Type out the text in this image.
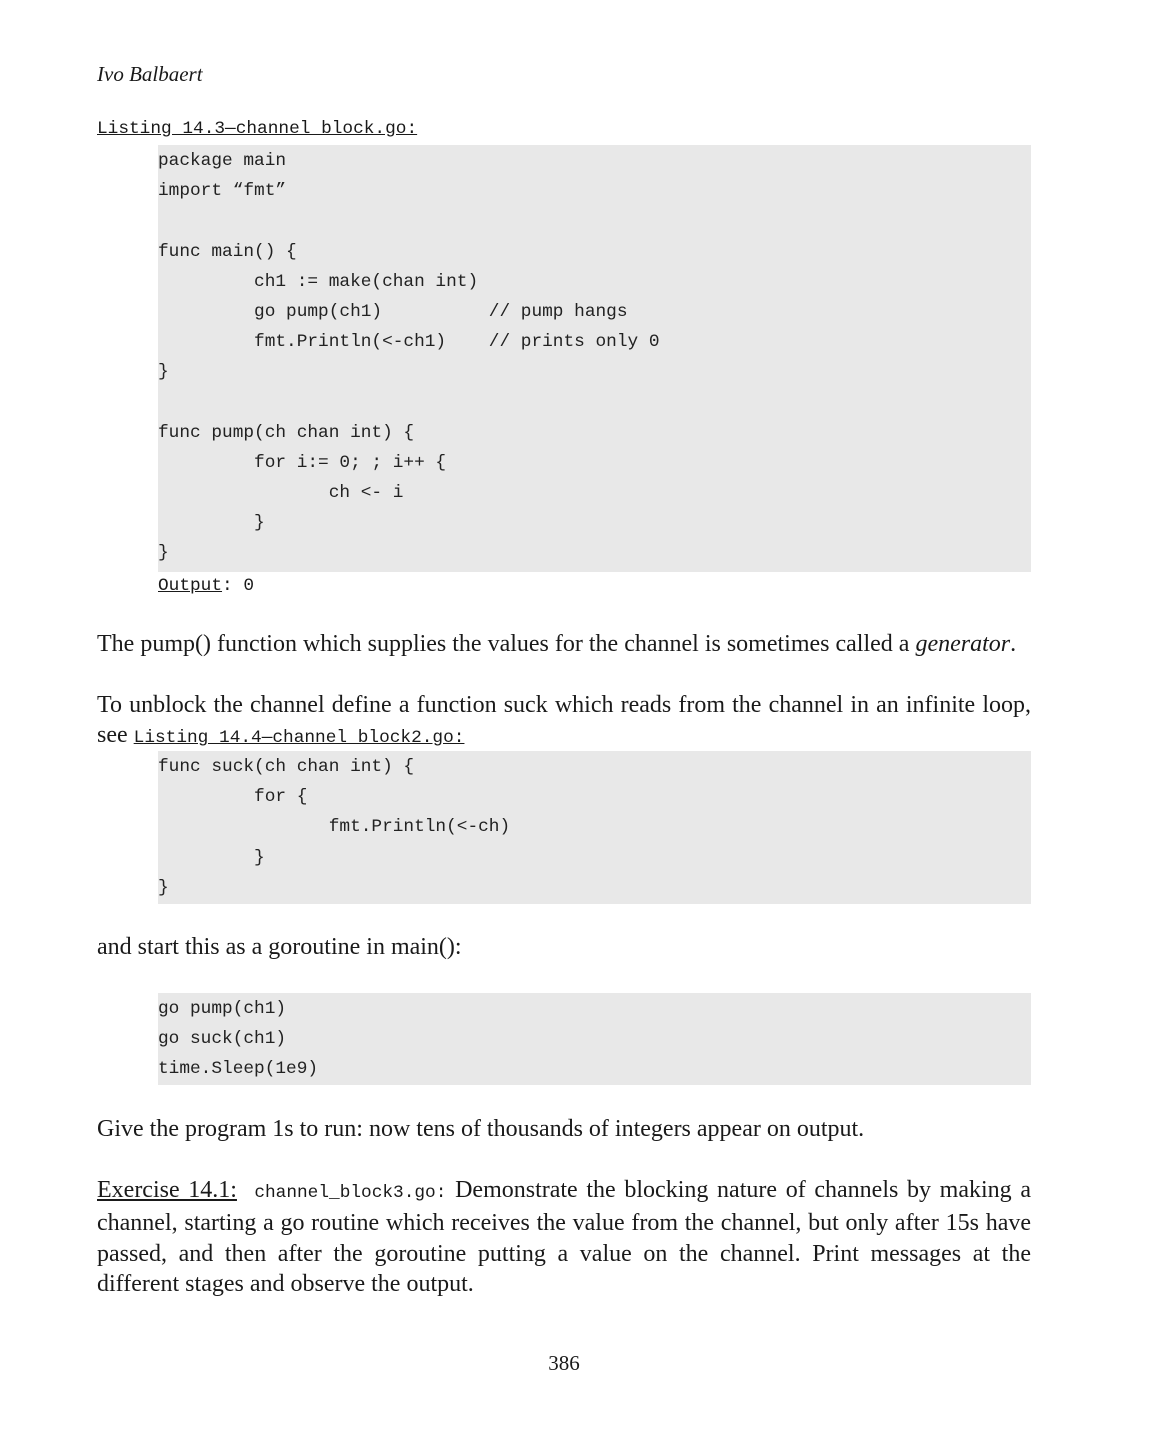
Ivo Balbaert
Listing 14.3—channel_block.go:
package main
import “fmt”
func main() {
ch1 := make(chan int)
go pump(ch1)          // pump hangs
fmt.Println(<-ch1)    // prints only 0
}
func pump(ch chan int) {
for i:= 0; ; i++ {
ch <- i
}
}
Output: 0
The pump() function which supplies the values for the channel is sometimes called a generator.
To unblock the channel define a function suck which reads from the channel in an infinite loop, see Listing 14.4—channel_block2.go:
func suck(ch chan int) {
for {
fmt.Println(<-ch)
}
}
and start this as a goroutine in main():
go pump(ch1)
go suck(ch1)
time.Sleep(1e9)
Give the program 1s to run: now tens of thousands of integers appear on output.
Exercise 14.1: channel_block3.go: Demonstrate the blocking nature of channels by making a channel, starting a go routine which receives the value from the channel, but only after 15s have passed, and then after the goroutine putting a value on the channel. Print messages at the different stages and observe the output.
386
